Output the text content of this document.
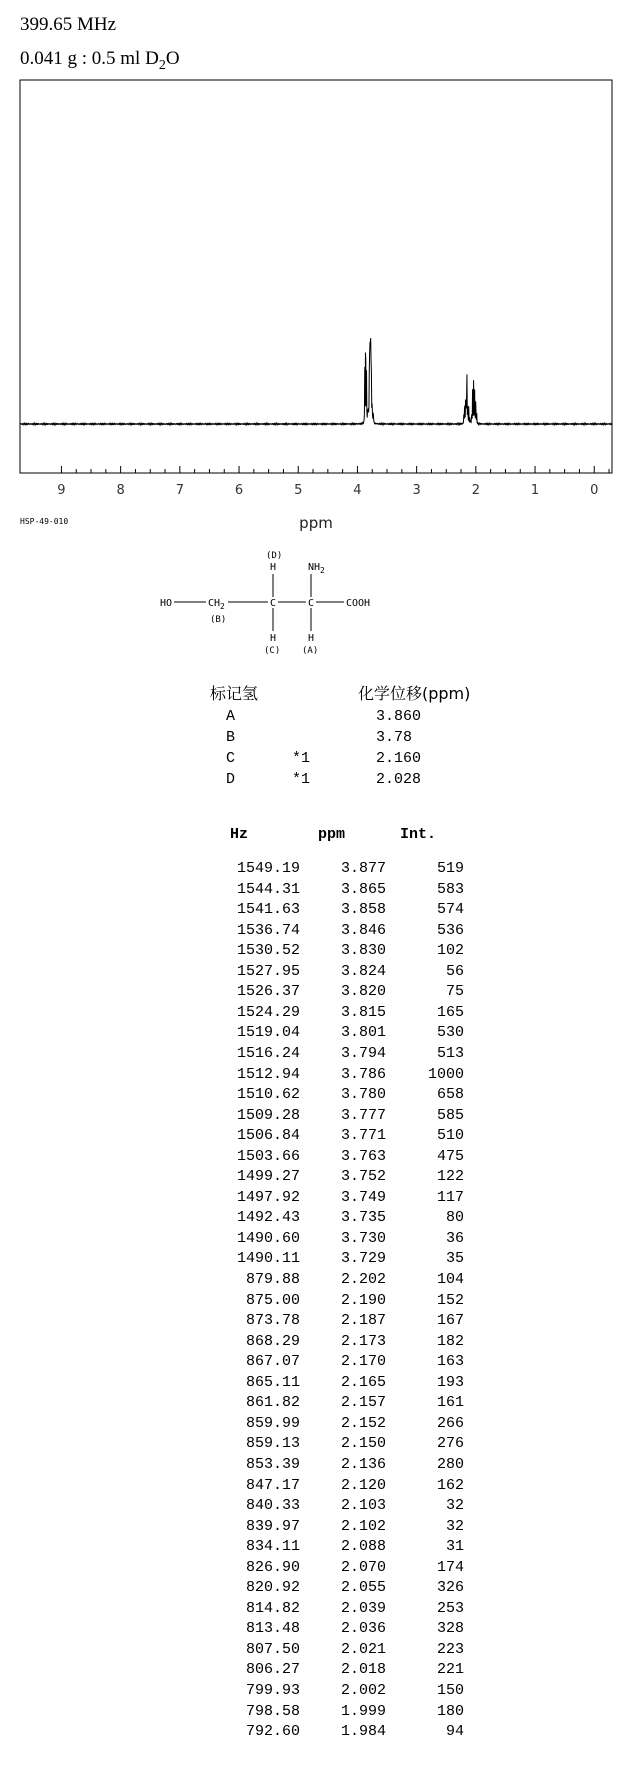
399.65 MHz
0.041 g : 0.5 ml $D_2O$
9	8	7	6	5	4	3	2	1	0
ppm
HSP-49-010
(D)
H	$NH_2$
HO	$CH_2$	C	C	COOH
(B)
H	H
(C) (A)
标记氢	化学位移(ppm)
A	3.860
B	3.78
C	*1	2.160
D	*1	2.028
Hz	ppm	Int.
1549.19	3.877	519
1544.31	3.865	583
1541.63	3.858	574
1536.74	3.846	536
1530.52	3.830	102
1527.95	3.824	56
1526.37	3.820	75
1524.29	3.815	165
1519.04	3.801	530
1516.24	3.794	513
1512.94	3.786	1000
1510.62	3.780	658
1509.28	3.777	585
1506.84	3.771	510
1503.66	3.763	475
1499.27	3.752	122
1497.92	3.749	117
1492.43	3.735	80
1490.60	3.730	36
1490.11	3.729	35
879.88	2.202	104
875.00	2.190	152
873.78	2.187	167
868.29	2.173	182
867.07	2.170	163
865.11	2.165	193
861.82	2.157	161
859.99	2.152	266
859.13	2.150	276
853.39	2.136	280
847.17	2.120	162
840.33	2.103	32
839.97	2.102	32
834.11	2.088	31
826.90	2.070	174
820.92	2.055	326
814.82	2.039	253
813.48	2.036	328
807.50	2.021	223
806.27	2.018	221
799.93	2.002	150
798.58	1.999	180
792.60	1.984	94
